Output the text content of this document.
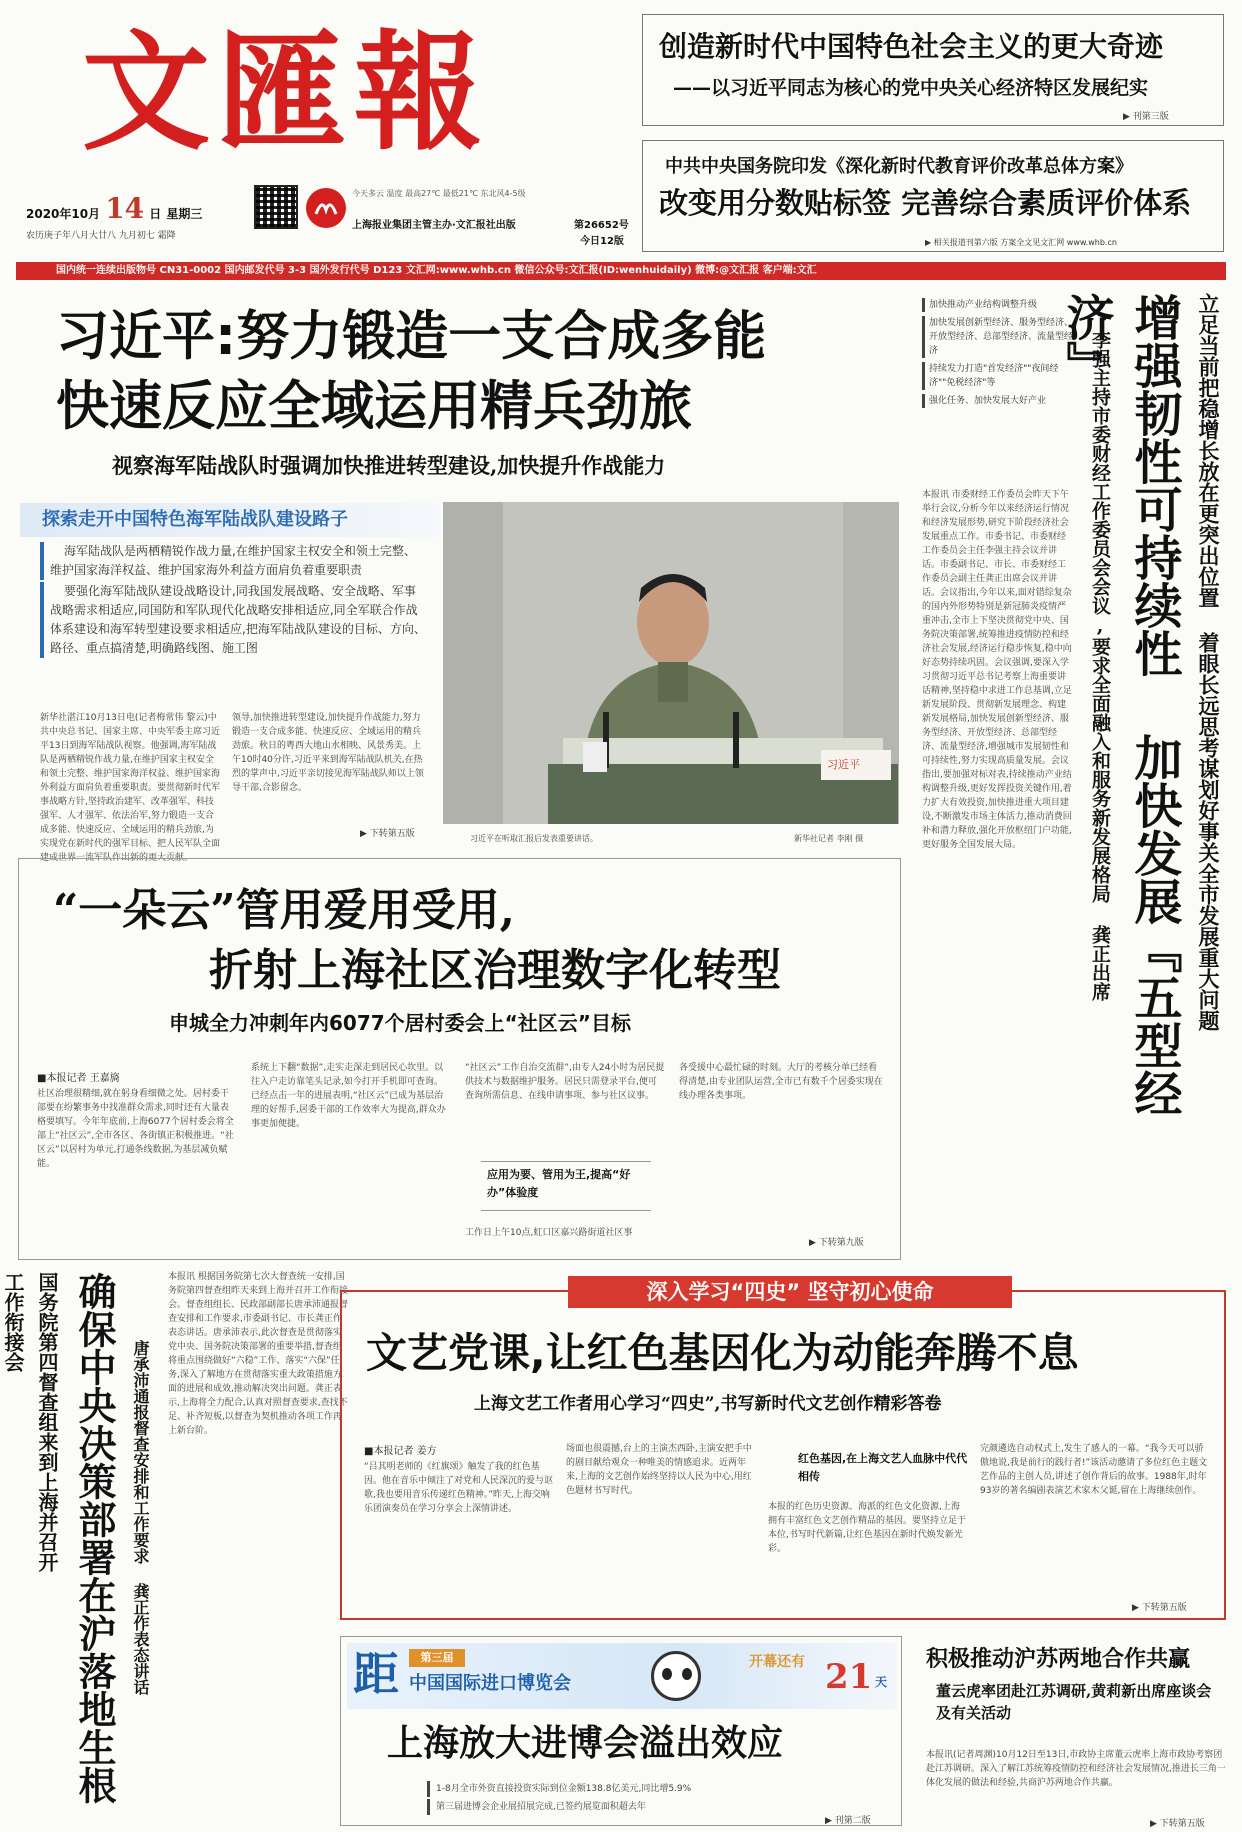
文匯報
2020年10月 14 日 星期三
农历庚子年八月大廿八 九月初七 霜降
今天多云 温度 最高27℃ 最低21℃ 东北风4-5级
上海报业集团主管主办·文汇报社出版	第26652号
今日12版
创造新时代中国特色社会主义的更大奇迹
——以习近平同志为核心的党中央关心经济特区发展纪实
▶ 刊第三版
中共中央国务院印发《深化新时代教育评价改革总体方案》
改变用分数贴标签 完善综合素质评价体系
▶ 相关报道刊第六版 方案全文见文汇网 www.whb.cn
国内统一连续出版物号 CN31-0002 国内邮发代号 3-3 国外发行代号 D123 文汇网:www.whb.cn 微信公众号:文汇报(ID:wenhuidaily) 微博:@文汇报 客户端:文汇
习近平:努力锻造一支合成多能
快速反应全域运用精兵劲旅
视察海军陆战队时强调加快推进转型建设,加快提升作战能力
探索走开中国特色海军陆战队建设路子

海军陆战队是两栖精锐作战力量,在维护国家主权安全和领土完整、维护国家海洋权益、维护国家海外利益方面肩负着重要职责

要强化海军陆战队建设战略设计,同我国发展战略、安全战略、军事战略需求相适应,同国防和军队现代化战略安排相适应,同全军联合作战体系建设和海军转型建设要求相适应,把海军陆战队建设的目标、方向、路径、重点搞清楚,明确路线图、施工图

新华社湛江10月13日电(记者梅常伟 黎云)中共中央总书记、国家主席、中央军委主席习近平13日到海军陆战队视察。他强调,海军陆战队是两栖精锐作战力量,在维护国家主权安全和领土完整、维护国家海洋权益、维护国家海外利益方面肩负着重要职责。要贯彻新时代军事战略方针,坚持政治建军、改革强军、科技强军、人才强军、依法治军,努力锻造一支合成多能、快速反应、全域运用的精兵劲旅,为实现党在新时代的强军目标、把人民军队全面建成世界一流军队作出新的更大贡献。
领导,加快推进转型建设,加快提升作战能力,努力锻造一支合成多能、快速反应、全域运用的精兵劲旅。秋日的粤西大地山水相映、风景秀美。上午10时40分许,习近平来到海军陆战队机关,在热烈的掌声中,习近平亲切接见海军陆战队师以上领导干部,合影留念。
▶ 下转第五版
习近平
习近平在听取汇报后发表重要讲话。	新华社记者 李刚 摄	立足当前把稳增长放在更突出位置 着眼长远思考谋划好事关全市发展重大问题
增强韧性可持续性 加快发展『五型经济』
李强主持市委财经工作委员会会议,要求全面融入和服务新发展格局 龚正出席

加快推动产业结构调整升级

加快发展创新型经济、服务型经济、开放型经济、总部型经济、流量型经济

持续发力打造"首发经济""夜间经济""免税经济"等

强化任务、加快发展大好产业

本报讯 市委财经工作委员会昨天下午举行会议,分析今年以来经济运行情况和经济发展形势,研究下阶段经济社会发展重点工作。市委书记、市委财经工作委员会主任李强主持会议并讲话。市委副书记、市长、市委财经工作委员会副主任龚正出席会议并讲话。会议指出,今年以来,面对错综复杂的国内外形势特别是新冠肺炎疫情严重冲击,全市上下坚决贯彻党中央、国务院决策部署,统筹推进疫情防控和经济社会发展,经济运行稳步恢复,稳中向好态势持续巩固。会议强调,要深入学习贯彻习近平总书记考察上海重要讲话精神,坚持稳中求进工作总基调,立足新发展阶段、贯彻新发展理念、构建新发展格局,加快发展创新型经济、服务型经济、开放型经济、总部型经济、流量型经济,增强城市发展韧性和可持续性,努力实现高质量发展。会议指出,要加强对标对表,持续推动产业结构调整升级,更好发挥投资关键作用,着力扩大有效投资,加快推进重大项目建设,不断激发市场主体活力,推动消费回补和潜力释放,强化开放枢纽门户功能,更好服务全国发展大局。
“一朵云”管用爱用受用,
折射上海社区治理数字化转型
申城全力冲刺年内6077个居村委会上“社区云”目标
■本报记者 王嘉旖
社区治理很精细,就在躬身看细微之处。居村委干部要在纷繁事务中找准群众需求,同时还有大量表格要填写。今年年底前,上海6077个居村委会将全部上“社区云”,全市各区、各街镇正积极推进。“社区云”以居村为单元,打通条线数据,为基层减负赋能。
系统上下翻“数据”,走实走深走到居民心坎里。以往入户走访靠笔头记录,如今打开手机即可查询。已经点击一年的进展表明,“社区云”已成为基层治理的好帮手,居委干部的工作效率大为提高,群众办事更加便捷。
“社区云”工作自治交流群”,由专人24小时为居民提供技术与数据维护服务。居民只需登录平台,便可查询所需信息、在线申请事项、参与社区议事。
应用为要、管用为王,提高“好办”体验度
工作日上午10点,虹口区嘉兴路街道社区事
各受援中心最忙碌的时刻。大厅的考核分单已经看得清楚,由专业团队运营,全市已有数千个居委实现在线办理各类事项。
▶ 下转第九版
国务院第四督查组来到上海并召开工作衔接会	确保中央决策部署在沪落地生根 唐承沛通报督查安排和工作要求 龚正作表态讲话
本报讯 根据国务院第七次大督查统一安排,国务院第四督查组昨天来到上海并召开工作衔接会。督查组组长、民政部副部长唐承沛通报督查安排和工作要求,市委副书记、市长龚正作表态讲话。唐承沛表示,此次督查是贯彻落实党中央、国务院决策部署的重要举措,督查组将重点围绕做好“六稳”工作、落实“六保”任务,深入了解地方在贯彻落实重大政策措施方面的进展和成效,推动解决突出问题。龚正表示,上海将全力配合,认真对照督查要求,查找不足、补齐短板,以督查为契机推动各项工作再上新台阶。
文艺党课,让红色基因化为动能奔腾不息
上海文艺工作者用心学习“四史”,书写新时代文艺创作精彩答卷
■本报记者 姜方
“吕其明老师的《红旗颂》触发了我的红色基因。他在音乐中倾注了对党和人民深沉的爱与讴歌,我也要用音乐传递红色精神。”昨天,上海交响乐团演奏员在学习分享会上深情讲述。
场面也很震撼,台上的主演杰西卧,主演安把手中的剧目献给观众一种唯美的情感追求。近两年来,上海的文艺创作始终坚持以人民为中心,用红色题材书写时代。
红色基因,在上海文艺人血脉中代代相传
本报的红色历史资源、海派的红色文化资源,上海拥有丰富红色文艺创作精品的基因。要坚持立足于本位,书写时代新篇,让红色基因在新时代焕发新光彩。
完颜遴选自动权式上,发生了感人的一幕。“我今天可以骄傲地说,我是前行的践行者!”该活动邀请了多位红色主题文艺作品的主创人员,讲述了创作背后的故事。1988年,时年93岁的著名编剧表演艺术家木父诞,留在上海继续创作。
▶ 下转第五版
深入学习“四史” 坚守初心使命
距	第三届
中国国际进口博览会
开幕还有 21 天
上海放大进博会溢出效应
1-8月全市外资直接投资实际到位金额138.8亿美元,同比增5.9%
第三届进博会企业展招展完成,已签约展览面积超去年
▶ 刊第二版
积极推动沪苏两地合作共赢
董云虎率团赴江苏调研,黄莉新出席座谈会及有关活动
本报讯(记者周渊)10月12日至13日,市政协主席董云虎率上海市政协考察团赴江苏调研。深入了解江苏统筹疫情防控和经济社会发展情况,推进长三角一体化发展的做法和经验,共商沪苏两地合作共赢。
▶ 下转第五版
